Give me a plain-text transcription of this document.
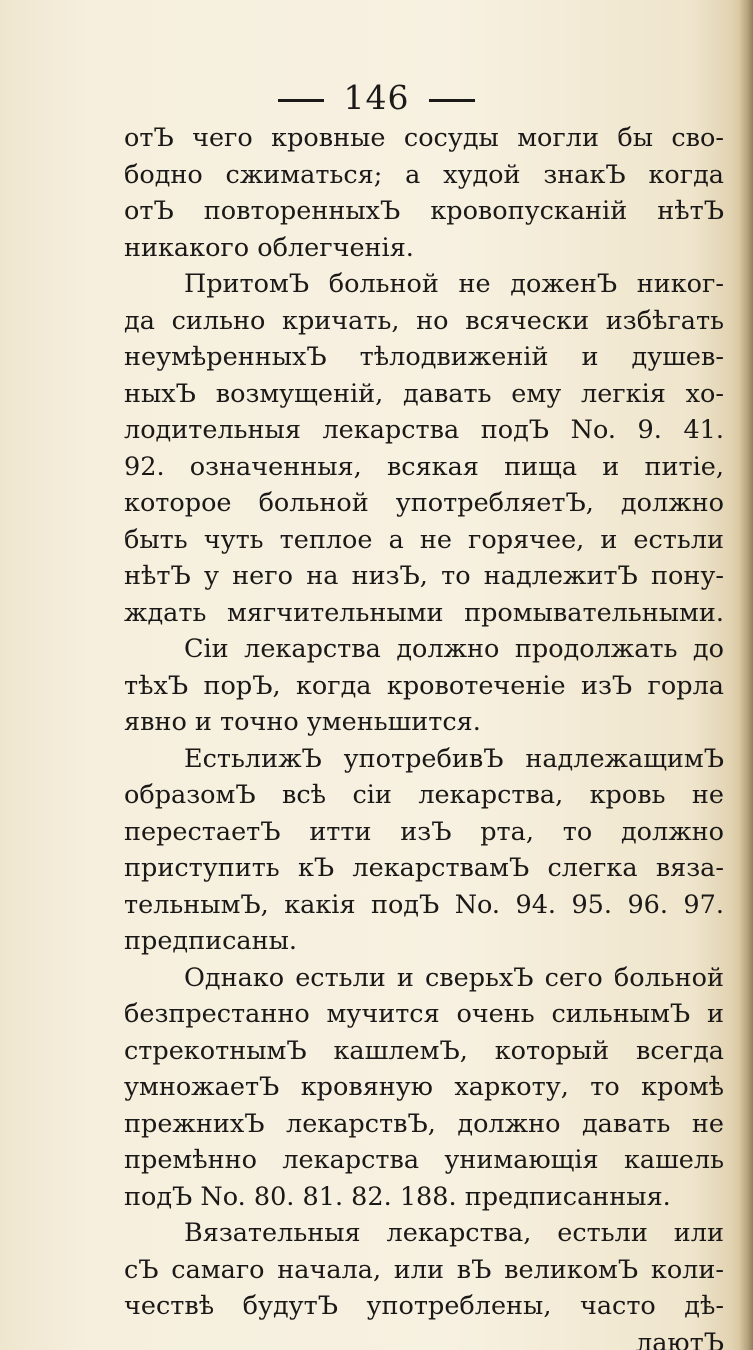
146
отЪ чего кровные сосуды могли бы сво-
бодно сжиматься; а худой знакЪ когда
отЪ повторенныхЪ кровопусканій нѣтЪ
никакого облегченія.
ПритомЪ больной не доженЪ никог-
да сильно кричать, но всячески избѣгать
неумѣренныхЪ тѣлодвиженій и душев-
ныхЪ возмущеній, давать ему легкія хо-
лодительныя лекарства подЪ No. 9. 41.
92. означенныя, всякая пища и питіе,
которое больной употребляетЪ, должно
быть чуть теплое а не горячее, и естьли
нѣтЪ у него на низЪ, то надлежитЪ пону-
ждать мягчительными промывательными.
Сіи лекарства должно продолжать до
тѣхЪ порЪ, когда кровотеченіе изЪ горла
явно и точно уменьшится.
ЕстьлижЪ употребивЪ надлежащимЪ
образомЪ всѣ сіи лекарства, кровь не
перестаетЪ итти изЪ рта, то должно
приступить кЪ лекарствамЪ слегка вяза-
тельнымЪ, какія подЪ No. 94. 95. 96. 97.
предписаны.
Однако естьли и сверьхЪ сего больной
безпрестанно мучится очень сильнымЪ и
стрекотнымЪ кашлемЪ, который всегда
умножаетЪ кровяную харкоту, то кромѣ
прежнихЪ лекарствЪ, должно давать не
премѣнно лекарства унимающія кашель
подЪ No. 80. 81. 82. 188. предписанныя.
Вязательныя лекарства, естьли или
сЪ самаго начала, или вЪ великомЪ коли-
чествѣ будутЪ употреблены, часто дѣ-
лаютЪ
